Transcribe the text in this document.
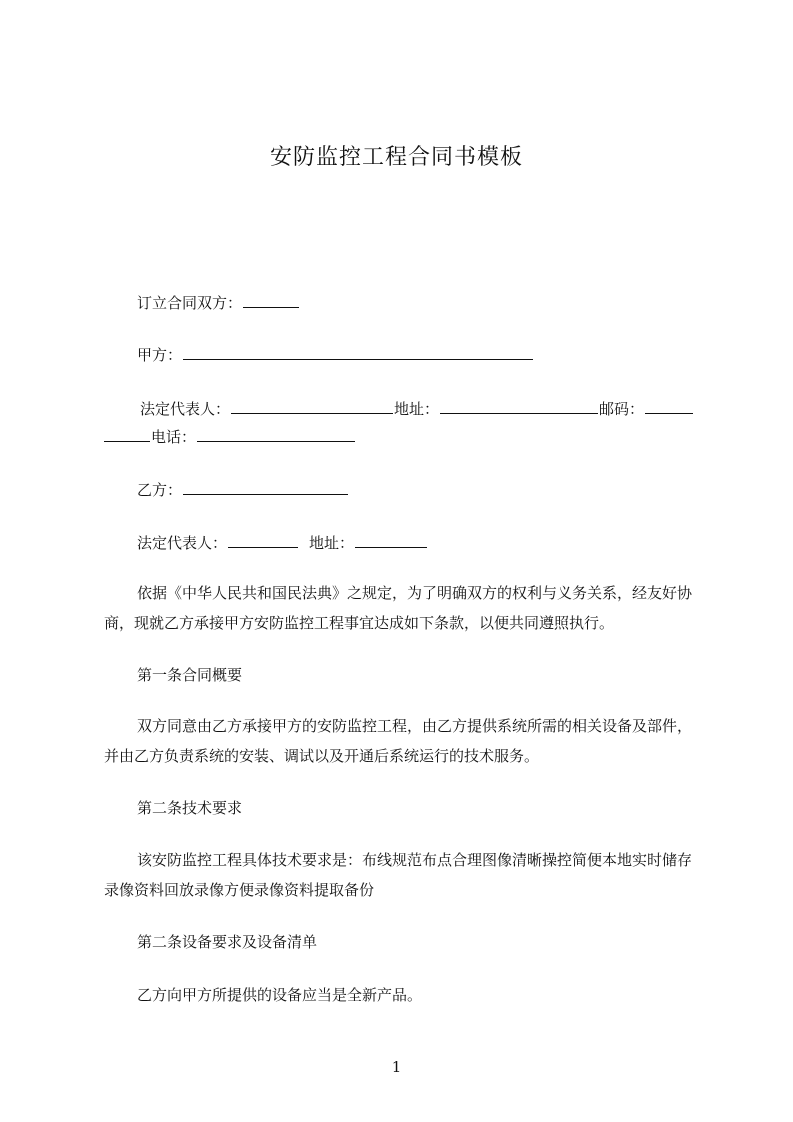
安防监控工程合同书模板
订立合同双方：
甲方：
法定代表人：	地址：	邮码：
电话：
乙方：
法定代表人：	地址：
依据《中华人民共和国民法典》之规定，为了明确双方的权利与义务关系，经友好协商，现就乙方承接甲方安防监控工程事宜达成如下条款，以便共同遵照执行。
第一条合同概要
双方同意由乙方承接甲方的安防监控工程，由乙方提供系统所需的相关设备及部件，并由乙方负责系统的安装、调试以及开通后系统运行的技术服务。
第二条技术要求
该安防监控工程具体技术要求是：布线规范布点合理图像清晰操控简便本地实时储存录像资料回放录像方便录像资料提取备份
第二条设备要求及设备清单
乙方向甲方所提供的设备应当是全新产品。
1
